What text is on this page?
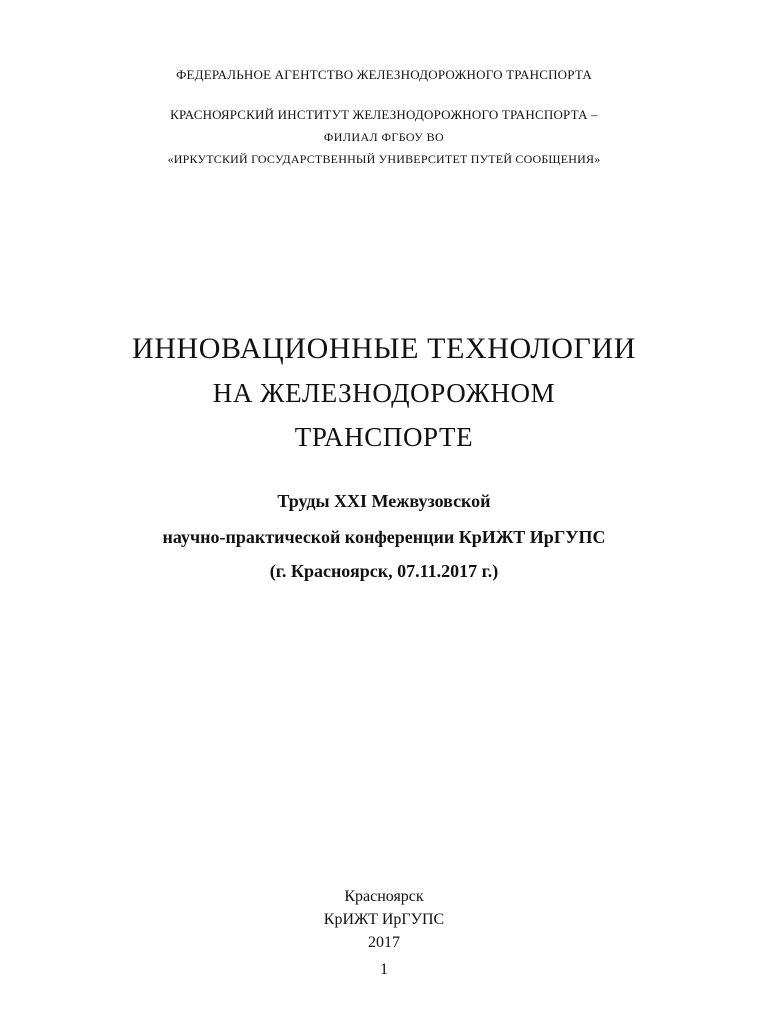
ФЕДЕРАЛЬНОЕ АГЕНТСТВО ЖЕЛЕЗНОДОРОЖНОГО ТРАНСПОРТА
КРАСНОЯРСКИЙ ИНСТИТУТ ЖЕЛЕЗНОДОРОЖНОГО ТРАНСПОРТА –
ФИЛИАЛ ФГБОУ ВО
«ИРКУТСКИЙ ГОСУДАРСТВЕННЫЙ УНИВЕРСИТЕТ ПУТЕЙ СООБЩЕНИЯ»
ИННОВАЦИОННЫЕ ТЕХНОЛОГИИ
НА ЖЕЛЕЗНОДОРОЖНОМ
ТРАНСПОРТЕ
Труды XXI Межвузовской
научно-практической конференции КрИЖТ ИрГУПС
(г. Красноярск, 07.11.2017 г.)
Красноярск
КрИЖТ ИрГУПС
2017
1
